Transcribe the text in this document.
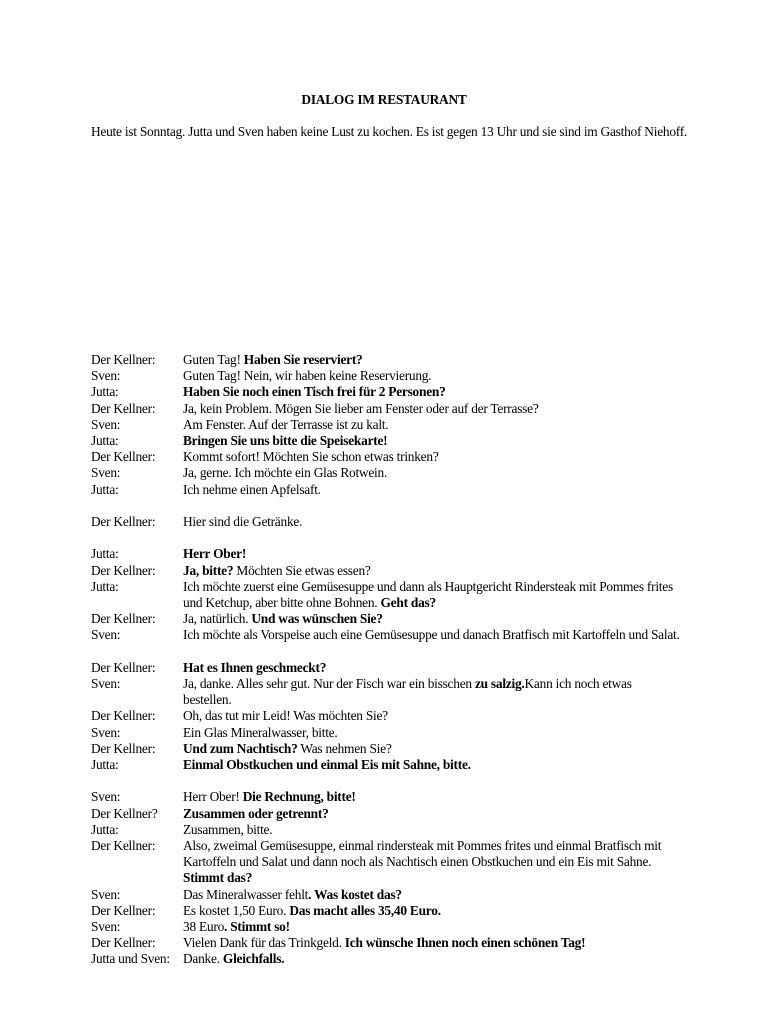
DIALOG IM RESTAURANT

Heute ist Sonntag. Jutta und Sven haben keine Lust zu kochen. Es ist gegen 13 Uhr und sie sind im Gasthof Niehoff.

Der Kellner:	Guten Tag! Haben Sie reserviert?
Sven:	Guten Tag! Nein, wir haben keine Reservierung.
Jutta:	Haben Sie noch einen Tisch frei für 2 Personen?
Der Kellner:	Ja, kein Problem. Mögen Sie lieber am Fenster oder auf der Terrasse?
Sven:	Am Fenster. Auf der Terrasse ist zu kalt.
Jutta:	Bringen Sie uns bitte die Speisekarte!
Der Kellner:	Kommt sofort! Möchten Sie schon etwas trinken?
Sven:	Ja, gerne. Ich möchte ein Glas Rotwein.
Jutta:	Ich nehme einen Apfelsaft.
Der Kellner:	Hier sind die Getränke.
Jutta:	Herr Ober!
Der Kellner:	Ja, bitte? Möchten Sie etwas essen?
Jutta:	Ich möchte zuerst eine Gemüsesuppe und dann als Hauptgericht Rindersteak mit Pommes frites und Ketchup, aber bitte ohne Bohnen. Geht das?
Der Kellner:	Ja, natürlich. Und was wünschen Sie?
Sven:	Ich möchte als Vorspeise auch eine Gemüsesuppe und danach Bratfisch mit Kartoffeln und Salat.
Der Kellner:	Hat es Ihnen geschmeckt?
Sven:	Ja, danke. Alles sehr gut. Nur der Fisch war ein bisschen zu salzig.Kann ich noch etwas bestellen.
Der Kellner:	Oh, das tut mir Leid! Was möchten Sie?
Sven:	Ein Glas Mineralwasser, bitte.
Der Kellner:	Und zum Nachtisch? Was nehmen Sie?
Jutta:	Einmal Obstkuchen und einmal Eis mit Sahne, bitte.
Sven:	Herr Ober! Die Rechnung, bitte!
Der Kellner?	Zusammen oder getrennt?
Jutta:	Zusammen, bitte.
Der Kellner:	Also, zweimal Gemüsesuppe, einmal rindersteak mit Pommes frites und einmal Bratfisch mit Kartoffeln und Salat und dann noch als Nachtisch einen Obstkuchen und ein Eis mit Sahne. Stimmt das?
Sven:	Das Mineralwasser fehlt. Was kostet das?
Der Kellner:	Es kostet 1,50 Euro. Das macht alles 35,40 Euro.
Sven:	38 Euro. Stimmt so!
Der Kellner:	Vielen Dank für das Trinkgeld. Ich wünsche Ihnen noch einen schönen Tag!
Jutta und Sven: Danke. Gleichfalls.
